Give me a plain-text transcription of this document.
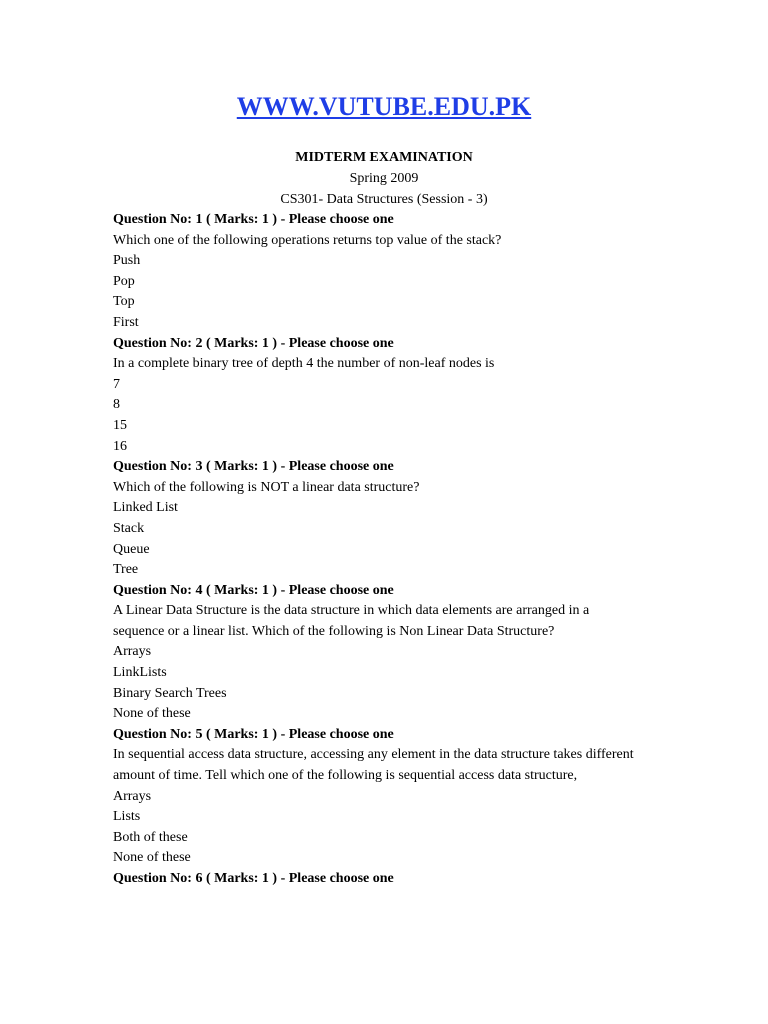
WWW.VUTUBE.EDU.PK
MIDTERM EXAMINATION
Spring 2009
CS301- Data Structures (Session - 3)
Question No: 1 ( Marks: 1 ) - Please choose one
Which one of the following operations returns top value of the stack?
Push
Pop
Top
First
Question No: 2 ( Marks: 1 ) - Please choose one
In a complete binary tree of depth 4 the number of non-leaf nodes is
7
8
15
16
Question No: 3 ( Marks: 1 ) - Please choose one
Which of the following is NOT a linear data structure?
Linked List
Stack
Queue
Tree
Question No: 4 ( Marks: 1 ) - Please choose one
A Linear Data Structure is the data structure in which data elements are arranged in a sequence or a linear list. Which of the following is Non Linear Data Structure?
Arrays
LinkLists
Binary Search Trees
None of these
Question No: 5 ( Marks: 1 ) - Please choose one
In sequential access data structure, accessing any element in the data structure takes different amount of time. Tell which one of the following is sequential access data structure,
Arrays
Lists
Both of these
None of these
Question No: 6 ( Marks: 1 ) - Please choose one
